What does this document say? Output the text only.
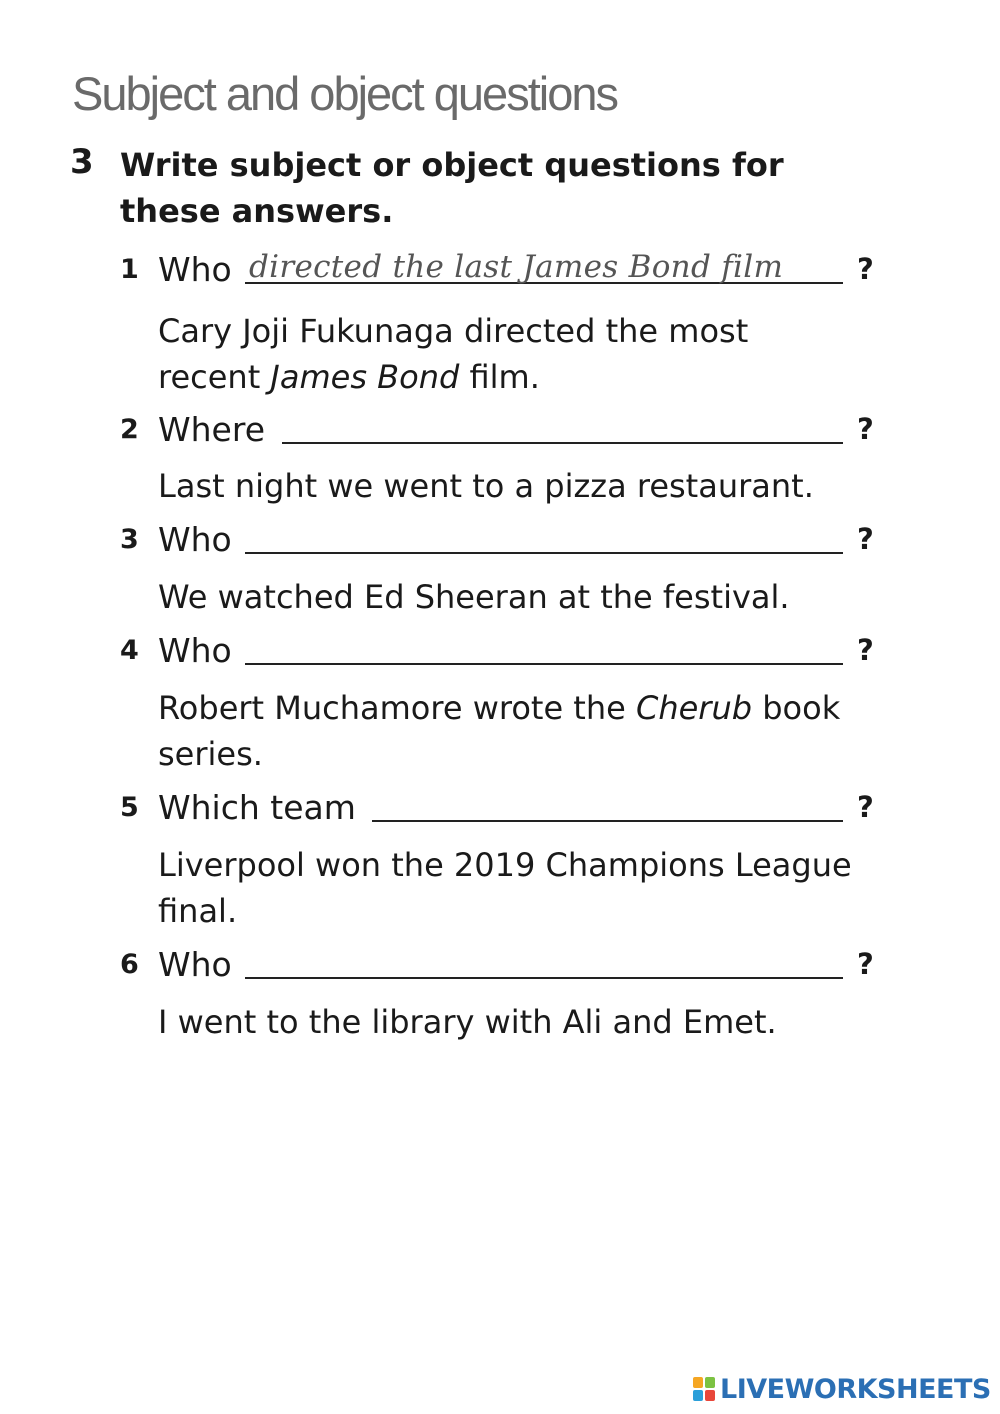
Subject and object questions
3 Write subject or object questions for these answers.
1 Who directed the last James Bond film	?
Cary Joji Fukunaga directed the most recent James Bond film.
2 Where	?
Last night we went to a pizza restaurant.
3 Who	?
We watched Ed Sheeran at the festival.
4 Who	?
Robert Muchamore wrote the Cherub book series.
5 Which team	?
Liverpool won the 2019 Champions League final.
6 Who	?
I went to the library with Ali and Emet.
LIVEWORKSHEETS
